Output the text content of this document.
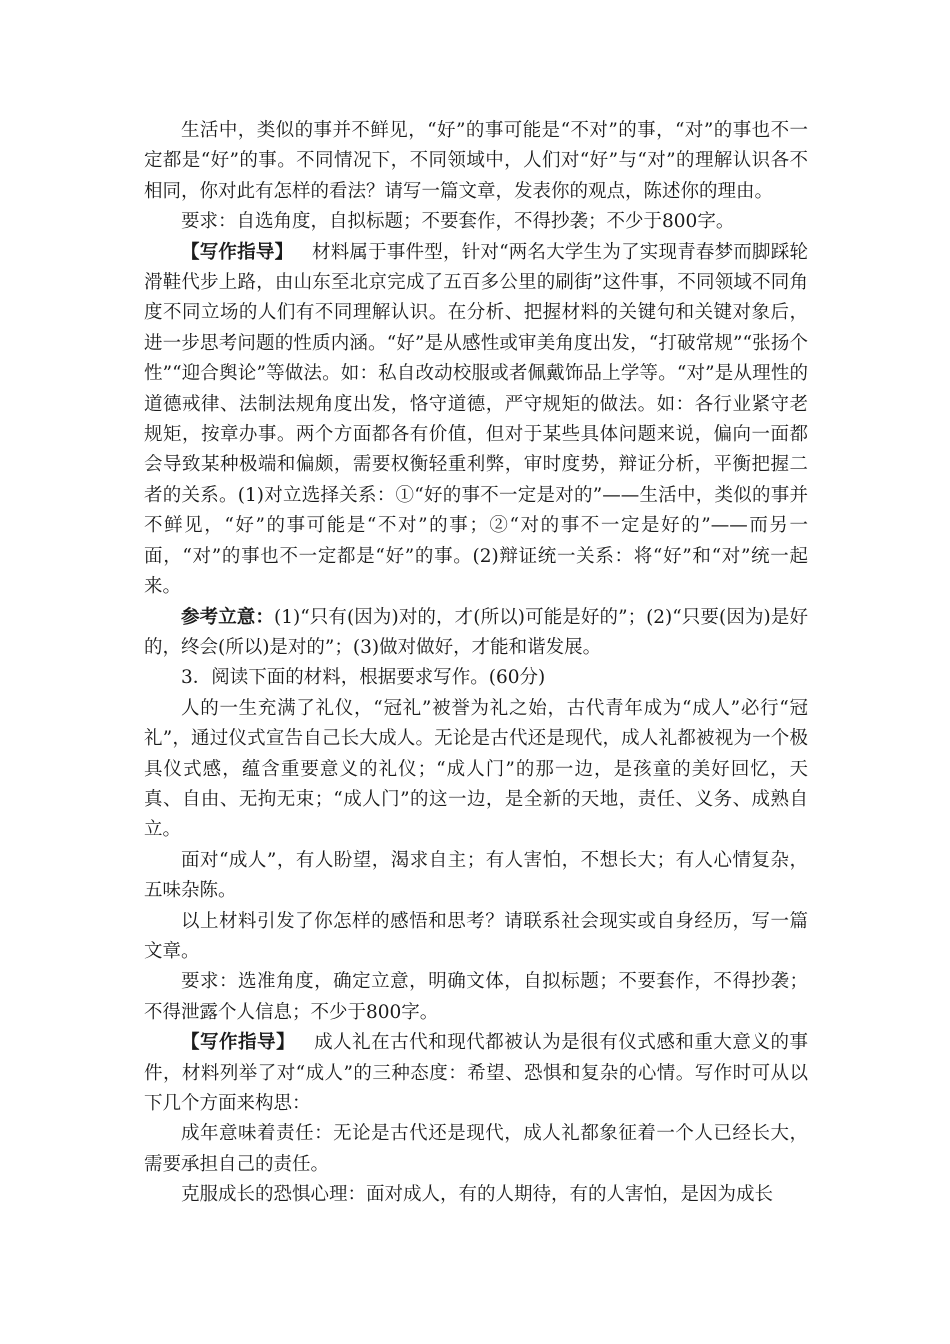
生活中，类似的事并不鲜见，“好”的事可能是“不对”的事，“对”的事也不一定都是“好”的事。不同情况下，不同领域中，人们对“好”与“对”的理解认识各不相同，你对此有怎样的看法？请写一篇文章，发表你的观点，陈述你的理由。

要求：自选角度，自拟标题；不要套作，不得抄袭；不少于800字。

【写作指导】 材料属于事件型，针对“两名大学生为了实现青春梦而脚踩轮滑鞋代步上路，由山东至北京完成了五百多公里的刷街”这件事，不同领域不同角度不同立场的人们有不同理解认识。在分析、把握材料的关键句和关键对象后，进一步思考问题的性质内涵。“好”是从感性或审美角度出发，“打破常规”“张扬个性”“迎合舆论”等做法。如：私自改动校服或者佩戴饰品上学等。“对”是从理性的道德戒律、法制法规角度出发，恪守道德，严守规矩的做法。如：各行业紧守老规矩，按章办事。两个方面都各有价值，但对于某些具体问题来说，偏向一面都会导致某种极端和偏颇，需要权衡轻重利弊，审时度势，辩证分析，平衡把握二者的关系。(1)对立选择关系：①“好的事不一定是对的”——生活中，类似的事并不鲜见，“好”的事可能是“不对”的事；②“对的事不一定是好的”——而另一面，“对”的事也不一定都是“好”的事。(2)辩证统一关系：将“好”和“对”统一起来。

参考立意：(1)“只有(因为)对的，才(所以)可能是好的”；(2)“只要(因为)是好的，终会(所以)是对的”；(3)做对做好，才能和谐发展。

3．阅读下面的材料，根据要求写作。(60分)

人的一生充满了礼仪，“冠礼”被誉为礼之始，古代青年成为“成人”必行“冠礼”，通过仪式宣告自己长大成人。无论是古代还是现代，成人礼都被视为一个极具仪式感，蕴含重要意义的礼仪；“成人门”的那一边，是孩童的美好回忆，天真、自由、无拘无束；“成人门”的这一边，是全新的天地，责任、义务、成熟自立。

面对“成人”，有人盼望，渴求自主；有人害怕，不想长大；有人心情复杂，五味杂陈。

以上材料引发了你怎样的感悟和思考？请联系社会现实或自身经历，写一篇文章。

要求：选准角度，确定立意，明确文体，自拟标题；不要套作，不得抄袭；不得泄露个人信息；不少于800字。

【写作指导】 成人礼在古代和现代都被认为是很有仪式感和重大意义的事件，材料列举了对“成人”的三种态度：希望、恐惧和复杂的心情。写作时可从以下几个方面来构思：

成年意味着责任：无论是古代还是现代，成人礼都象征着一个人已经长大，需要承担自己的责任。

克服成长的恐惧心理：面对成人，有的人期待，有的人害怕，是因为成长
